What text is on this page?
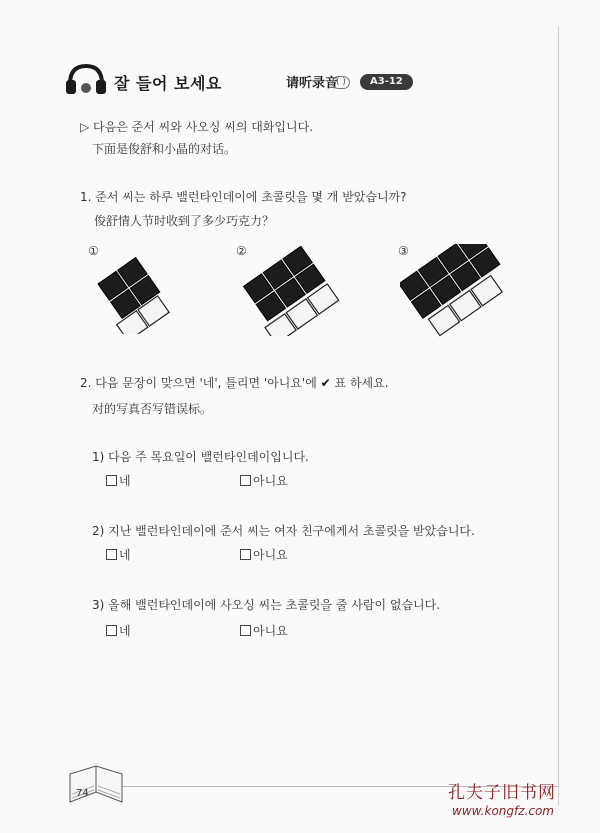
잘 들어 보세요	请听录音
( )	A3-12
▷ 다음은 준서 씨와 사오싱 씨의 대화입니다.
下面是俊舒和小晶的对话。
1. 준서 씨는 하루 밸런타인데이에 초콜릿을 몇 개 받았습니까?
俊舒情人节时收到了多少巧克力？
①	②	③
2. 다음 문장이 맞으면 '네', 틀리면 '아니요'에 ✔ 표 하세요.
对的写真否写错误标。
1) 다음 주 목요일이 밸런타인데이입니다.
네	아니요
2) 지난 밸런타인데이에 준서 씨는 여자 친구에게서 초콜릿을 받았습니다.
네	아니요
3) 올해 밸런타인데이에 사오싱 씨는 초콜릿을 줄 사람이 없습니다.
네	아니요
74	孔夫子旧书网
www.kongfz.com
